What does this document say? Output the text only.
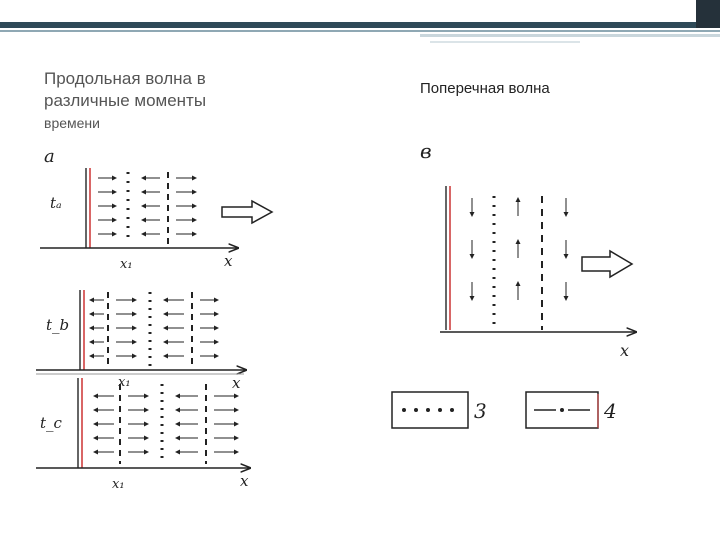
Продольная волна в
различные моменты
времени
Поперечная волна
a
tₐ
x₁	x
t_b
x₁	x
t_c
x₁	x
в
x
3	4
